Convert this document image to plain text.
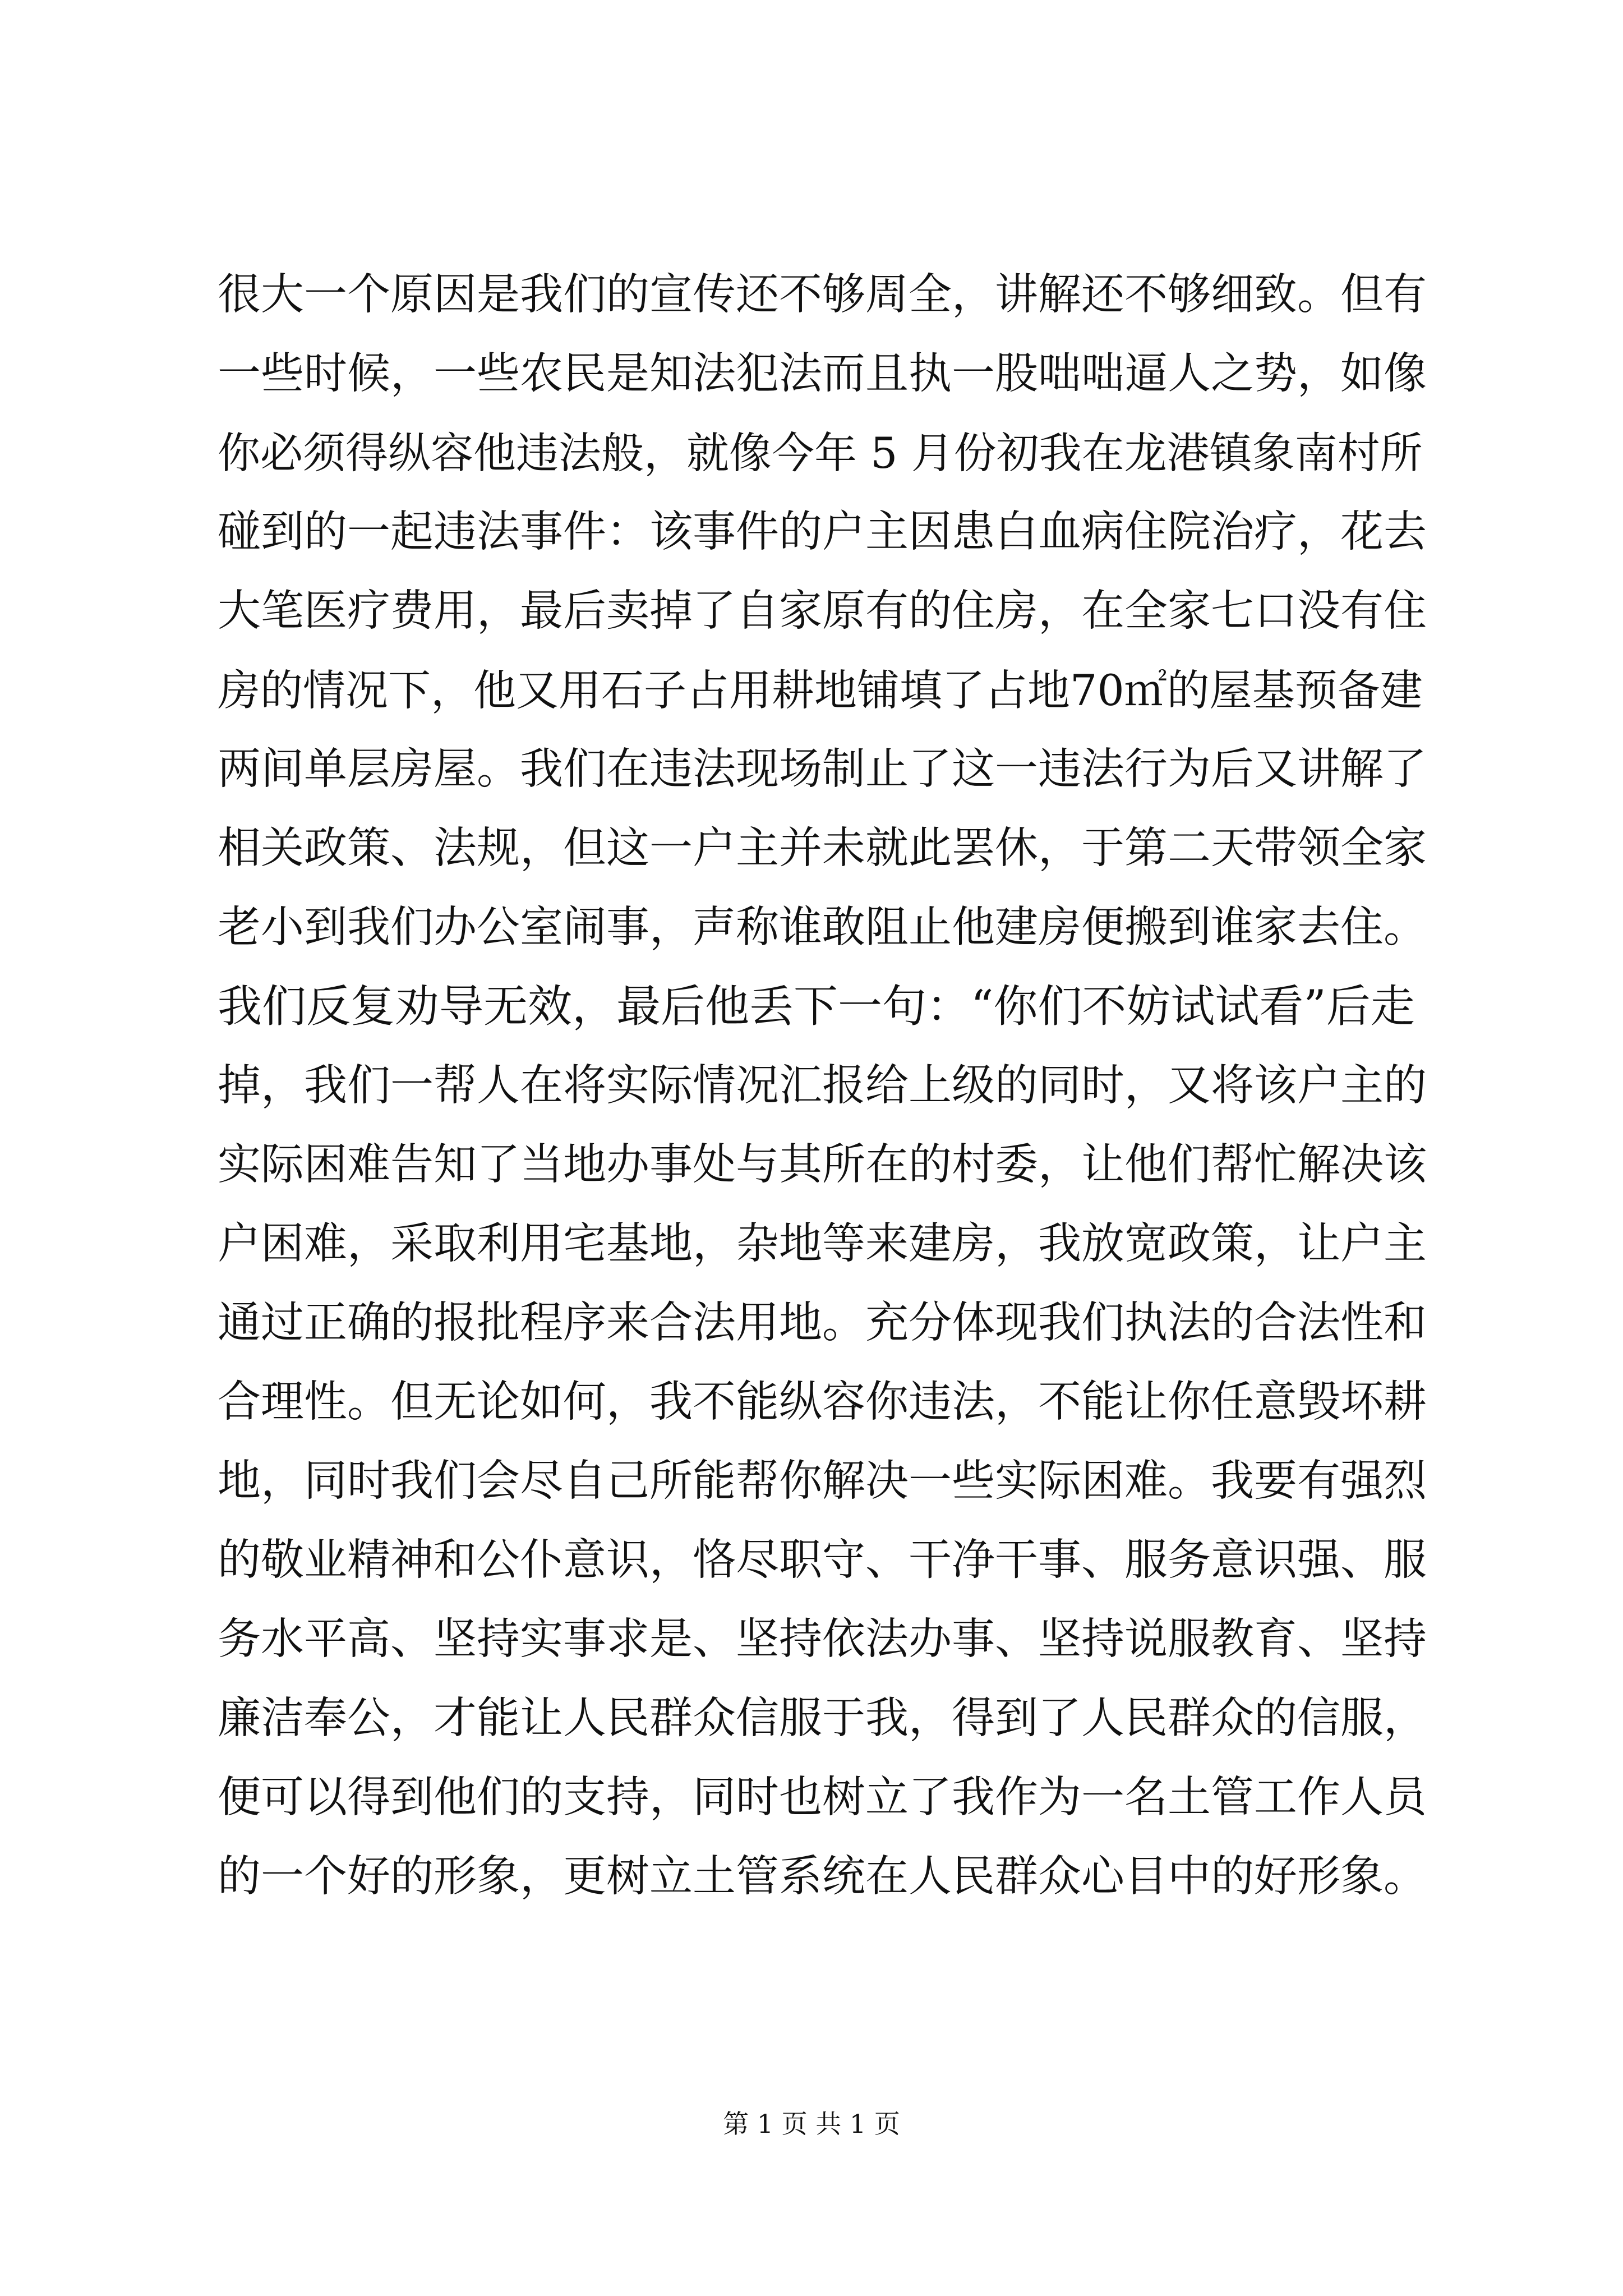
很大一个原因是我们的宣传还不够周全，讲解还不够细致。但有
一些时候，一些农民是知法犯法而且执一股咄咄逼人之势，如像
你必须得纵容他违法般，就像今年 5 月份初我在龙港镇象南村所
碰到的一起违法事件：该事件的户主因患白血病住院治疗，花去
大笔医疗费用，最后卖掉了自家原有的住房，在全家七口没有住
房的情况下，他又用石子占用耕地铺填了占地70㎡的屋基预备建
两间单层房屋。我们在违法现场制止了这一违法行为后又讲解了
相关政策、法规，但这一户主并未就此罢休，于第二天带领全家
老小到我们办公室闹事，声称谁敢阻止他建房便搬到谁家去住。
我们反复劝导无效，最后他丢下一句：“你们不妨试试看”后走
掉，我们一帮人在将实际情况汇报给上级的同时，又将该户主的
实际困难告知了当地办事处与其所在的村委，让他们帮忙解决该
户困难，采取利用宅基地，杂地等来建房，我放宽政策，让户主
通过正确的报批程序来合法用地。充分体现我们执法的合法性和
合理性。但无论如何，我不能纵容你违法，不能让你任意毁坏耕
地，同时我们会尽自己所能帮你解决一些实际困难。我要有强烈
的敬业精神和公仆意识，恪尽职守、干净干事、服务意识强、服
务水平高、坚持实事求是、坚持依法办事、坚持说服教育、坚持
廉洁奉公，才能让人民群众信服于我，得到了人民群众的信服，
便可以得到他们的支持，同时也树立了我作为一名土管工作人员
的一个好的形象，更树立土管系统在人民群众心目中的好形象。
第 1 页 共 1 页
